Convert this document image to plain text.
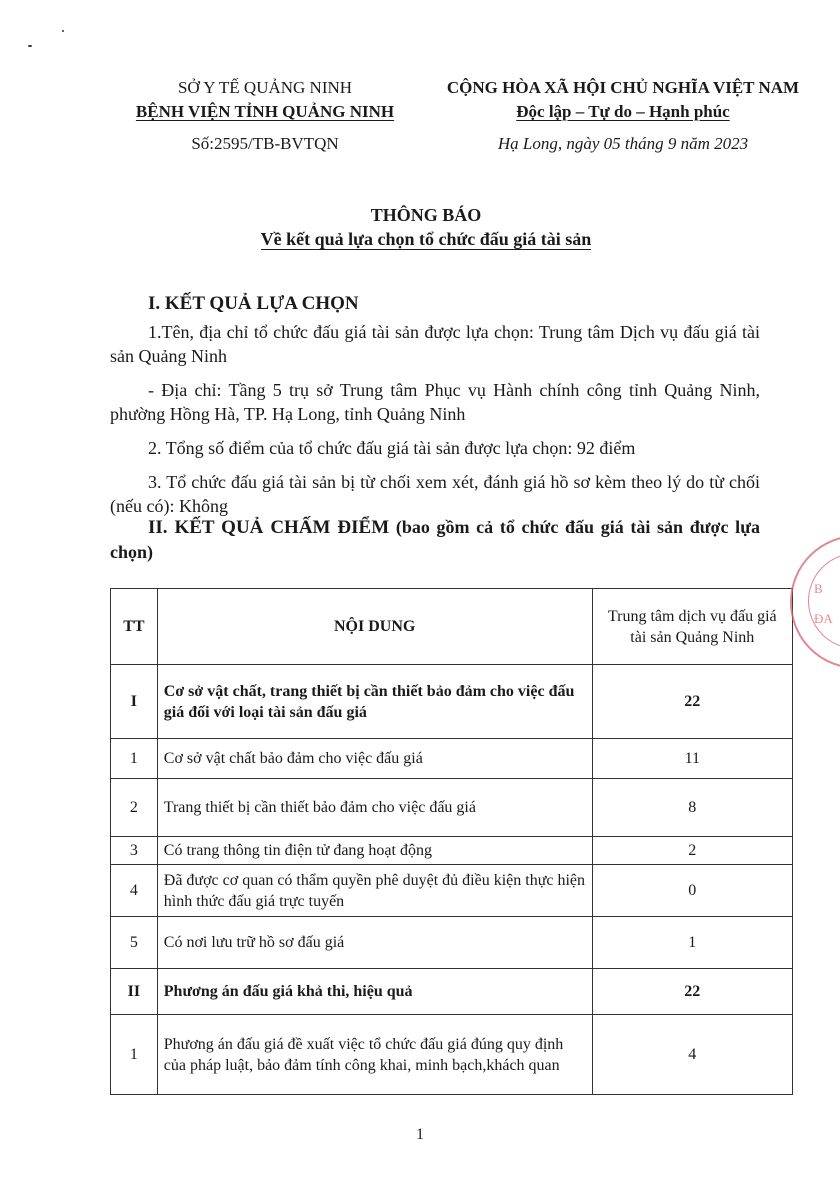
SỞ Y TẾ QUẢNG NINH
BỆNH VIỆN TỈNH QUẢNG NINH
Số:2595/TB-BVTQN
CỘNG HÒA XÃ HỘI CHỦ NGHĨA VIỆT NAM
Độc lập – Tự do – Hạnh phúc
Hạ Long, ngày 05 tháng 9 năm 2023
THÔNG BÁO
Về kết quả lựa chọn tổ chức đấu giá tài sản
I. KẾT QUẢ LỰA CHỌN
1.Tên, địa chỉ tổ chức đấu giá tài sản được lựa chọn: Trung tâm Dịch vụ đấu giá tài sản Quảng Ninh
- Địa chỉ: Tầng 5 trụ sở Trung tâm Phục vụ Hành chính công tỉnh Quảng Ninh, phường Hồng Hà, TP. Hạ Long, tỉnh Quảng Ninh
2. Tổng số điểm của tổ chức đấu giá tài sản được lựa chọn: 92 điểm
3. Tổ chức đấu giá tài sản bị từ chối xem xét, đánh giá hồ sơ kèm theo lý do từ chối (nếu có): Không
II. KẾT QUẢ CHẤM ĐIỂM (bao gồm cả tổ chức đấu giá tài sản được lựa chọn)
TT	NỘI DUNG	Trung tâm dịch vụ đấu giá tài sản Quảng Ninh
I	Cơ sở vật chất, trang thiết bị cần thiết bảo đảm cho việc đấu giá đối với loại tài sản đấu giá	22
1	Cơ sở vật chất bảo đảm cho việc đấu giá	11
2	Trang thiết bị cần thiết bảo đảm cho việc đấu giá	8
3	Có trang thông tin điện tử đang hoạt động	2
4	Đã được cơ quan có thẩm quyền phê duyệt đủ điều kiện thực hiện hình thức đấu giá trực tuyến	0
5	Có nơi lưu trữ hồ sơ đấu giá	1
II	Phương án đấu giá khả thi, hiệu quả	22
1	Phương án đấu giá đề xuất việc tổ chức đấu giá đúng quy định của pháp luật, bảo đảm tính công khai, minh bạch,khách quan	4
1
B
ĐA
